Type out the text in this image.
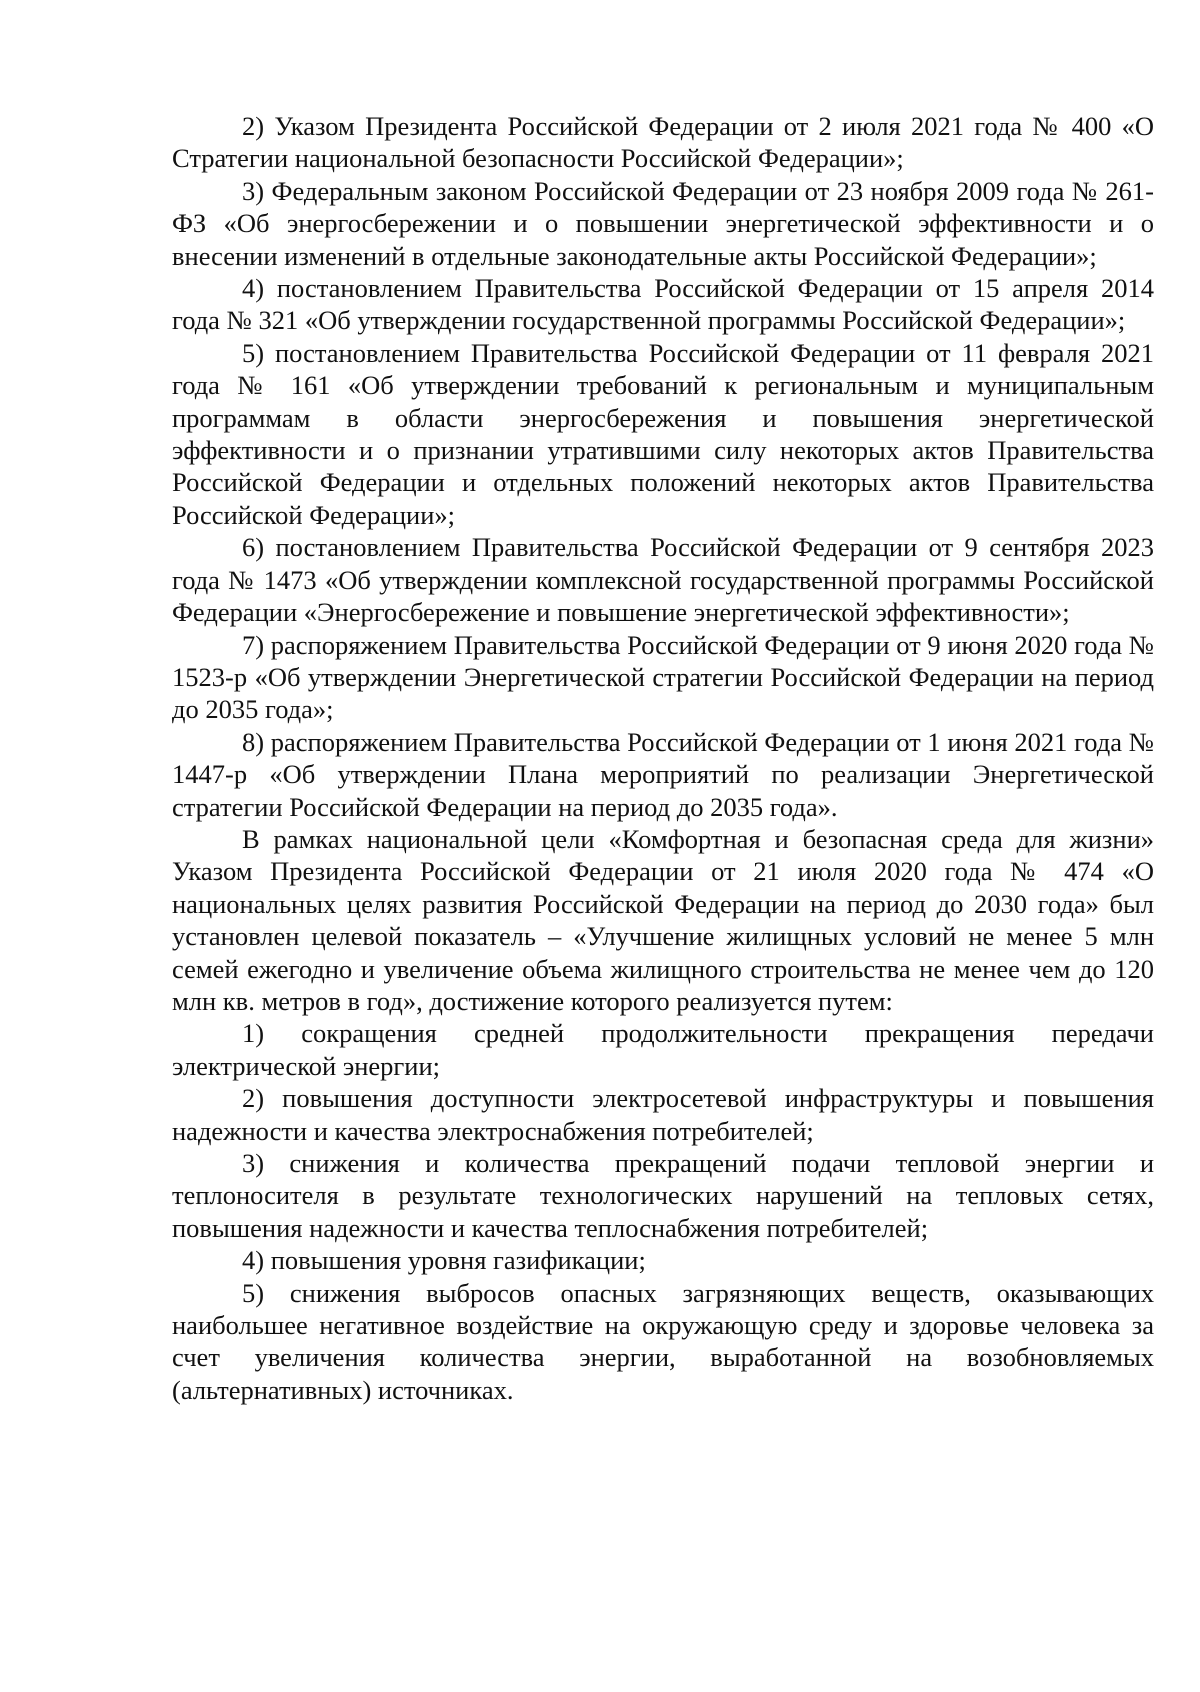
2) Указом Президента Российской Федерации от 2 июля 2021 года № 400 «О Стратегии национальной безопасности Российской Федерации»;

3) Федеральным законом Российской Федерации от 23 ноября 2009 года № 261-ФЗ «Об энергосбережении и о повышении энергетической эффективности и о внесении изменений в отдельные законодательные акты Российской Федерации»;

4) постановлением Правительства Российской Федерации от 15 апреля 2014 года № 321 «Об утверждении государственной программы Российской Федерации»;

5) постановлением Правительства Российской Федерации от 11 февраля 2021 года № 161 «Об утверждении требований к региональным и муниципальным программам в области энергосбережения и повышения энергетической эффективности и о признании утратившими силу некоторых актов Правительства Российской Федерации и отдельных положений некоторых актов Правительства Российской Федерации»;

6) постановлением Правительства Российской Федерации от 9 сентября 2023 года № 1473 «Об утверждении комплексной государственной программы Российской Федерации «Энергосбережение и повышение энергетической эффективности»;

7) распоряжением Правительства Российской Федерации от 9 июня 2020 года № 1523-р «Об утверждении Энергетической стратегии Российской Федерации на период до 2035 года»;

8) распоряжением Правительства Российской Федерации от 1 июня 2021 года № 1447-р «Об утверждении Плана мероприятий по реализации Энергетической стратегии Российской Федерации на период до 2035 года».

В рамках национальной цели «Комфортная и безопасная среда для жизни» Указом Президента Российской Федерации от 21 июля 2020 года № 474 «О национальных целях развития Российской Федерации на период до 2030 года» был установлен целевой показатель – «Улучшение жилищных условий не менее 5 млн семей ежегодно и увеличение объема жилищного строительства не менее чем до 120 млн кв. метров в год», достижение которого реализуется путем:

1) сокращения средней продолжительности прекращения передачи электрической энергии;

2) повышения доступности электросетевой инфраструктуры и повышения надежности и качества электроснабжения потребителей;

3) снижения и количества прекращений подачи тепловой энергии и теплоносителя в результате технологических нарушений на тепловых сетях, повышения надежности и качества теплоснабжения потребителей;

4) повышения уровня газификации;

5) снижения выбросов опасных загрязняющих веществ, оказывающих наибольшее негативное воздействие на окружающую среду и здоровье человека за счет увеличения количества энергии, выработанной на возобновляемых (альтернативных) источниках.
